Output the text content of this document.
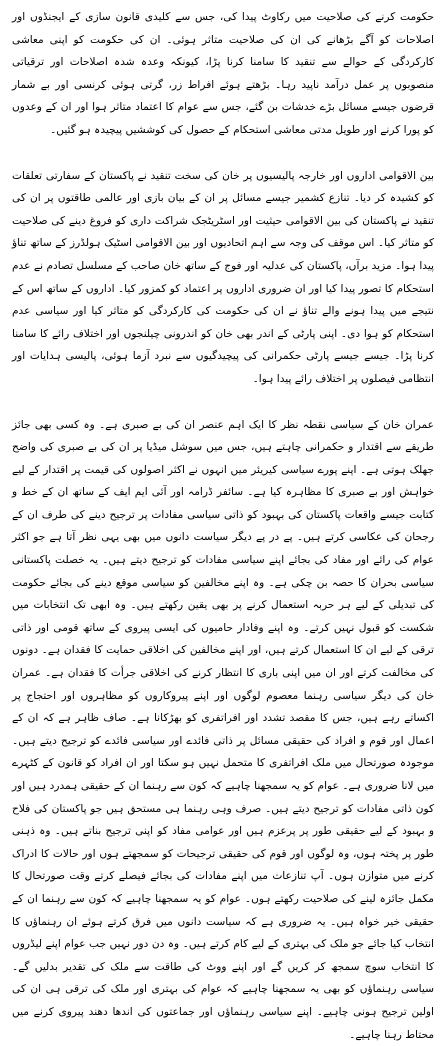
حکومت کرنے کی صلاحیت میں رکاوٹ پیدا کی، جس سے کلیدی قانون سازی کے ایجنڈوں اور اصلاحات کو آگے بڑھانے کی ان کی صلاحیت متاثر ہوئی۔ ان کی حکومت کو اپنی معاشی کارکردگی کے حوالے سے تنقید کا سامنا کرنا پڑا، کیونکہ وعدہ شدہ اصلاحات اور ترقیاتی منصوبوں پر عمل درآمد ناپید رہا۔ بڑھتے ہوئے افراط زر، گرتی ہوئی کرنسی اور بے شمار قرضوں جیسے مسائل بڑے خدشات بن گئے، جس سے عوام کا اعتماد متاثر ہوا اور ان کے وعدوں کو پورا کرنے اور طویل مدتی معاشی استحکام کے حصول کی کوششیں پیچیدہ ہو گئیں۔

بین الاقوامی اداروں اور خارجہ پالیسیوں پر خان کی سخت تنقید نے پاکستان کے سفارتی تعلقات کو کشیدہ کر دیا۔ تنازع کشمیر جیسے مسائل پر ان کے بیان بازی اور عالمی طاقتوں پر ان کی تنقید نے پاکستان کی بین الاقوامی حیثیت اور اسٹریٹجک شراکت داری کو فروغ دینے کی صلاحیت کو متاثر کیا۔ اس موقف کی وجہ سے اہم اتحادیوں اور بین الاقوامی اسٹیک ہولڈرز کے ساتھ تناؤ پیدا ہوا۔ مزید برآں، پاکستان کی عدلیہ اور فوج کے ساتھ خان صاحب کے مسلسل تصادم نے عدم استحکام کا تصور پیدا کیا اور ان ضروری اداروں پر اعتماد کو کمزور کیا۔ اداروں کے ساتھ اس کے نتیجے میں پیدا ہونے والے تناؤ نے ان کی حکومت کی کارکردگی کو متاثر کیا اور سیاسی عدم استحکام کو ہوا دی۔ اپنی پارٹی کے اندر بھی خان کو اندرونی چیلنجوں اور اختلاف رائے کا سامنا کرنا پڑا۔ جیسے جیسے پارٹی حکمرانی کی پیچیدگیوں سے نبرد آزما ہوئی، پالیسی ہدایات اور انتظامی فیصلوں پر اختلاف رائے پیدا ہوا۔

عمران خان کے سیاسی نقطہ نظر کا ایک اہم عنصر ان کی بے صبری ہے۔ وہ کسی بھی جائز طریقے سے اقتدار و حکمرانی چاہتے ہیں، جس میں سوشل میڈیا پر ان کی بے صبری کی واضح جھلک ہوتی ہے۔ اپنے پورے سیاسی کیریئر میں انہوں نے اکثر اصولوں کی قیمت پر اقتدار کے لیے خواہش اور بے صبری کا مظاہرہ کیا ہے۔ سائفر ڈرامہ اور آئی ایم ایف کے ساتھ ان کے خط و کتابت جیسے واقعات پاکستان کی بہبود کو ذاتی سیاسی مفادات پر ترجیح دینے کی طرف ان کے رجحان کی عکاسی کرتے ہیں۔ پے در پے دیگر سیاست دانوں میں بھی یہی نظر آتا ہے جو اکثر عوام کی رائے اور مفاد کی بجائے اپنے سیاسی مفادات کو ترجیح دیتے ہیں۔ یہ خصلت پاکستانی سیاسی بحران کا حصہ بن چکی ہے۔ وہ اپنے مخالفین کو سیاسی موقع دینے کی بجائے حکومت کی تبدیلی کے لیے ہر حربہ استعمال کرنے پر بھی یقین رکھتے ہیں۔ وہ ابھی تک انتخابات میں شکست کو قبول نہیں کرتے۔ وہ اپنے وفادار حامیوں کی ایسی پیروی کے ساتھ قومی اور ذاتی ترقی کے لیے ان کا استعمال کرتے ہیں، اور اپنے مخالفین کی اخلاقی حمایت کا فقدان ہے۔ دونوں کی مخالفت کرتے اور ان میں اپنی باری کا انتظار کرنے کی اخلاقی جرأت کا فقدان ہے۔ عمران خان کی دیگر سیاسی رہنما معصوم لوگوں اور اپنے پیروکاروں کو مظاہروں اور احتجاج پر اکساتے رہے ہیں، جس کا مقصد تشدد اور افراتفری کو بھڑکانا ہے۔ صاف ظاہر ہے کہ ان کے اعمال اور قوم و افراد کی حقیقی مسائل پر ذاتی فائدے اور سیاسی فائدے کو ترجیح دیتے ہیں۔ موجودہ صورتحال میں ملک افراتفری کا متحمل نہیں ہو سکتا اور ان افراد کو قانون کے کٹہرے میں لانا ضروری ہے۔ عوام کو یہ سمجھنا چاہیے کہ کون سے رہنما ان کے حقیقی ہمدرد ہیں اور کون ذاتی مفادات کو ترجیح دیتے ہیں۔ صرف وہی رہنما ہی مستحق ہیں جو پاکستان کی فلاح و بہبود کے لیے حقیقی طور پر پرعزم ہیں اور عوامی مفاد کو اپنی ترجیح بناتے ہیں۔ وہ ذہنی طور پر پختہ ہوں، وہ لوگوں اور قوم کی حقیقی ترجیحات کو سمجھتے ہوں اور حالات کا ادراک کرنے میں متوازن ہوں۔ آپ تنازعات میں اپنے مفادات کی بجائے فیصلے کرتے وقت صورتحال کا مکمل جائزہ لینے کی صلاحیت رکھتے ہوں۔ عوام کو یہ سمجھنا چاہیے کہ کون سے رہنما ان کے حقیقی خیر خواہ ہیں۔ یہ ضروری ہے کہ سیاست دانوں میں فرق کرتے ہوئے ان رہنماؤں کا انتخاب کیا جائے جو ملک کی بہتری کے لیے کام کرتے ہیں۔ وہ دن دور نہیں جب عوام اپنے لیڈروں کا انتخاب سوچ سمجھ کر کریں گے اور اپنے ووٹ کی طاقت سے ملک کی تقدیر بدلیں گے۔ سیاسی رہنماؤں کو بھی یہ سمجھنا چاہیے کہ عوام کی بہتری اور ملک کی ترقی ہی ان کی اولین ترجیح ہونی چاہیے۔ اپنے سیاسی رہنماؤں اور جماعتوں کی اندھا دھند پیروی کرنے میں محتاط رہنا چاہیے۔
